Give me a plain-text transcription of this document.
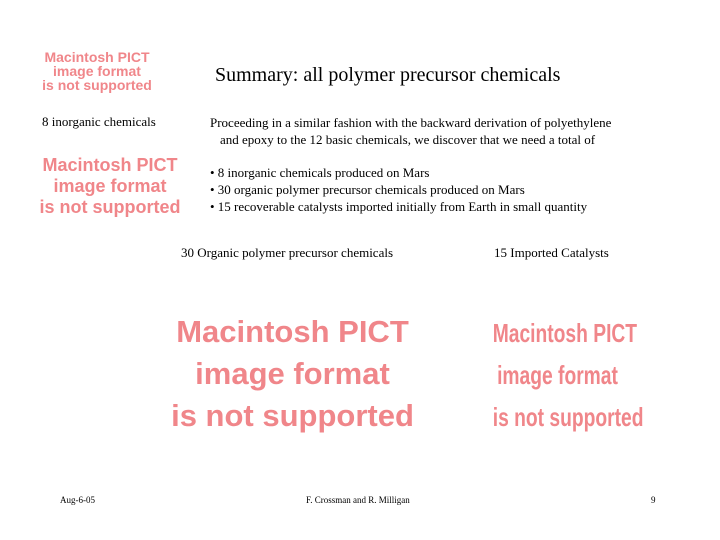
Macintosh PICT
image format
is not supported	Summary: all polymer precursor chemicals
8 inorganic chemicals
Macintosh PICT
image format
is not supported
Proceeding in a similar fashion with the backward derivation of polyethylene
and epoxy to the 12 basic chemicals, we discover that we need a total of
• 8 inorganic chemicals produced on Mars
• 30 organic polymer precursor chemicals produced on Mars
• 15 recoverable catalysts imported initially from Earth in small quantity
30 Organic polymer precursor chemicals	15 Imported Catalysts
Macintosh PICT
image format
is not supported
Macintosh PICT
image format
is not supported
Aug-6-05	F. Crossman and R. Milligan	9
